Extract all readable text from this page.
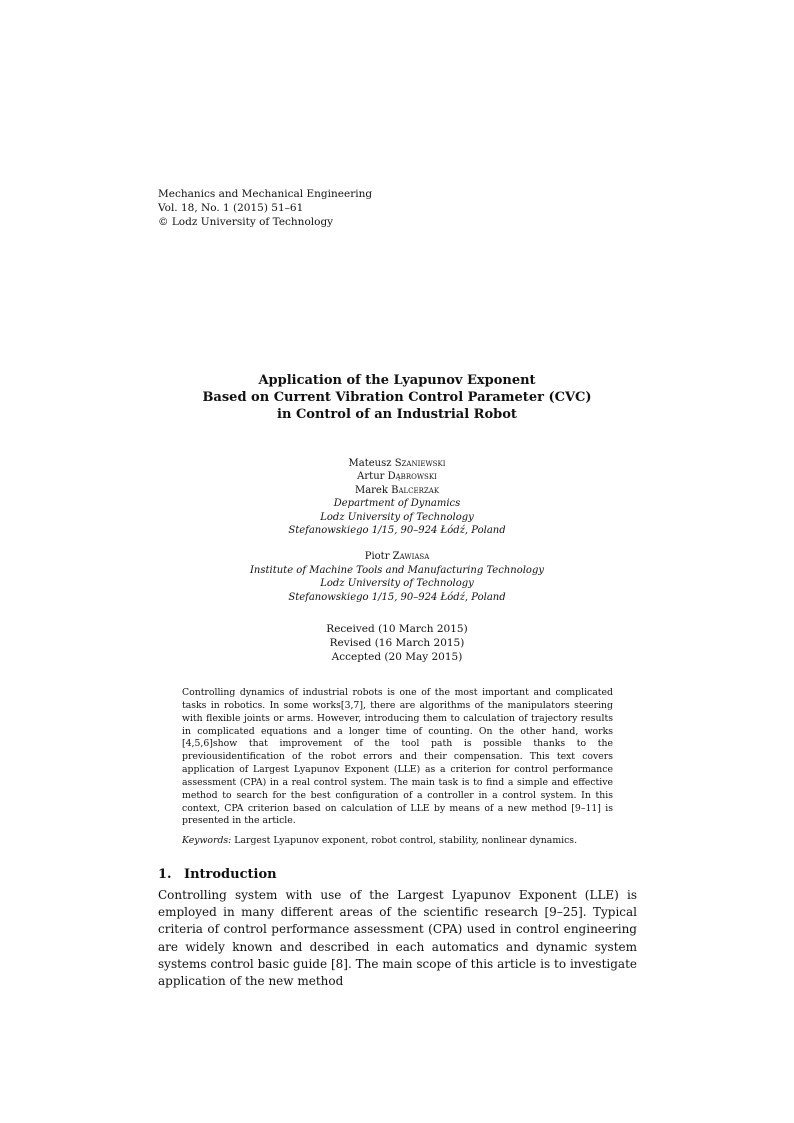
Mechanics and Mechanical Engineering
Vol. 18, No. 1 (2015) 51–61
© Lodz University of Technology
Application of the Lyapunov Exponent
Based on Current Vibration Control Parameter (CVC)
in Control of an Industrial Robot
Mateusz Szaniewski
Artur Dąbrowski
Marek Balcerzak
Department of Dynamics
Lodz University of Technology
Stefanowskiego 1/15, 90–924 Łódź, Poland
Piotr Zawiasa
Institute of Machine Tools and Manufacturing Technology
Lodz University of Technology
Stefanowskiego 1/15, 90–924 Łódź, Poland
Received (10 March 2015)
Revised (16 March 2015)
Accepted (20 May 2015)
Controlling dynamics of industrial robots is one of the most important and complicated tasks in robotics. In some works[3,7], there are algorithms of the manipulators steering with flexible joints or arms. However, introducing them to calculation of trajectory results in complicated equations and a longer time of counting. On the other hand, works [4,5,6]show that improvement of the tool path is possible thanks to the previousidentification of the robot errors and their compensation. This text covers application of Largest Lyapunov Exponent (LLE) as a criterion for control performance assessment (CPA) in a real control system. The main task is to find a simple and effective method to search for the best configuration of a controller in a control system. In this context, CPA criterion based on calculation of LLE by means of a new method [9–11] is presented in the article.
Keywords: Largest Lyapunov exponent, robot control, stability, nonlinear dynamics.
1. Introduction
Controlling system with use of the Largest Lyapunov Exponent (LLE) is employed in many different areas of the scientific research [9–25]. Typical criteria of control performance assessment (CPA) used in control engineering are widely known and described in each automatics and dynamic system systems control basic guide [8]. The main scope of this article is to investigate application of the new method
